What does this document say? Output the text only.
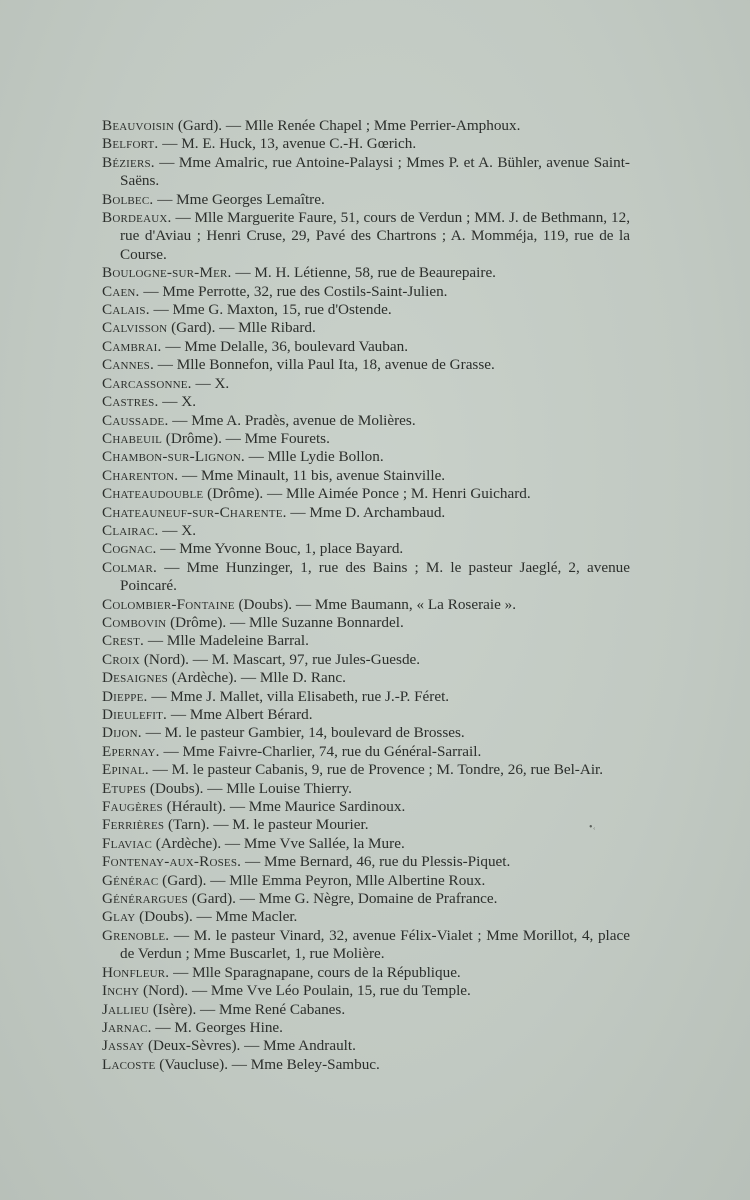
Beauvoisin (Gard). — Mlle Renée Chapel ; Mme Perrier-Amphoux.
Belfort. — M. E. Huck, 13, avenue C.-H. Gœrich.
Béziers. — Mme Amalric, rue Antoine-Palaysi ; Mmes P. et A. Bühler, avenue Saint-Saëns.
Bolbec. — Mme Georges Lemaître.
Bordeaux. — Mlle Marguerite Faure, 51, cours de Verdun ; MM. J. de Bethmann, 12, rue d'Aviau ; Henri Cruse, 29, Pavé des Chartrons ; A. Momméja, 119, rue de la Course.
Boulogne-sur-Mer. — M. H. Létienne, 58, rue de Beaurepaire.
Caen. — Mme Perrotte, 32, rue des Costils-Saint-Julien.
Calais. — Mme G. Maxton, 15, rue d'Ostende.
Calvisson (Gard). — Mlle Ribard.
Cambrai. — Mme Delalle, 36, boulevard Vauban.
Cannes. — Mlle Bonnefon, villa Paul Ita, 18, avenue de Grasse.
Carcassonne. — X.
Castres. — X.
Caussade. — Mme A. Pradès, avenue de Molières.
Chabeuil (Drôme). — Mme Fourets.
Chambon-sur-Lignon. — Mlle Lydie Bollon.
Charenton. — Mme Minault, 11 bis, avenue Stainville.
Chateaudouble (Drôme). — Mlle Aimée Ponce ; M. Henri Guichard.
Chateauneuf-sur-Charente. — Mme D. Archambaud.
Clairac. — X.
Cognac. — Mme Yvonne Bouc, 1, place Bayard.
Colmar. — Mme Hunzinger, 1, rue des Bains ; M. le pasteur Jaeglé, 2, avenue Poincaré.
Colombier-Fontaine (Doubs). — Mme Baumann, « La Roseraie ».
Combovin (Drôme). — Mlle Suzanne Bonnardel.
Crest. — Mlle Madeleine Barral.
Croix (Nord). — M. Mascart, 97, rue Jules-Guesde.
Desaignes (Ardèche). — Mlle D. Ranc.
Dieppe. — Mme J. Mallet, villa Elisabeth, rue J.-P. Féret.
Dieulefit. — Mme Albert Bérard.
Dijon. — M. le pasteur Gambier, 14, boulevard de Brosses.
Epernay. — Mme Faivre-Charlier, 74, rue du Général-Sarrail.
Epinal. — M. le pasteur Cabanis, 9, rue de Provence ; M. Tondre, 26, rue Bel-Air.
Etupes (Doubs). — Mlle Louise Thierry.
Faugères (Hérault). — Mme Maurice Sardinoux.
Ferrières (Tarn). — M. le pasteur Mourier.
Flaviac (Ardèche). — Mme Vve Sallée, la Mure.
Fontenay-aux-Roses. — Mme Bernard, 46, rue du Plessis-Piquet.
Générac (Gard). — Mlle Emma Peyron, Mlle Albertine Roux.
Générargues (Gard). — Mme G. Nègre, Domaine de Prafrance.
Glay (Doubs). — Mme Macler.
Grenoble. — M. le pasteur Vinard, 32, avenue Félix-Vialet ; Mme Morillot, 4, place de Verdun ; Mme Buscarlet, 1, rue Molière.
Honfleur. — Mlle Sparagnapane, cours de la République.
Inchy (Nord). — Mme Vve Léo Poulain, 15, rue du Temple.
Jallieu (Isère). — Mme René Cabanes.
Jarnac. — M. Georges Hine.
Jassay (Deux-Sèvres). — Mme Andrault.
Lacoste (Vaucluse). — Mme Beley-Sambuc.
•˓
